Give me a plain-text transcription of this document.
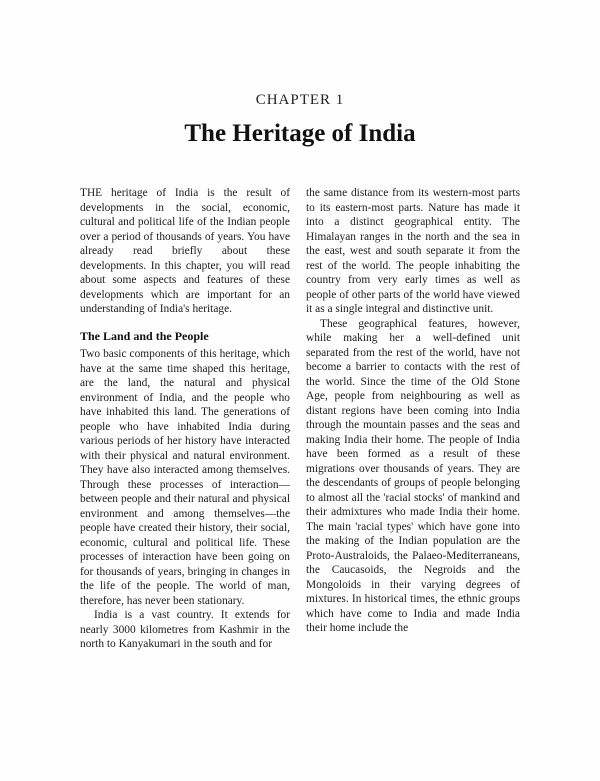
CHAPTER 1
The Heritage of India

THE heritage of India is the result of developments in the social, economic, cultural and political life of the Indian people over a period of thousands of years. You have already read briefly about these developments. In this chapter, you will read about some aspects and features of these developments which are important for an understanding of India's heritage.

The Land and the People

Two basic components of this heritage, which have at the same time shaped this heritage, are the land, the natural and physical environment of India, and the people who have inhabited this land. The generations of people who have inhabited India during various periods of her history have interacted with their physical and natural environment. They have also interacted among themselves. Through these processes of interaction—between people and their natural and physical environment and among themselves—the people have created their history, their social, economic, cultural and political life. These processes of interaction have been going on for thousands of years, bringing in changes in the life of the people. The world of man, therefore, has never been stationary.

India is a vast country. It extends for nearly 3000 kilometres from Kashmir in the north to Kanyakumari in the south and for

the same distance from its western-most parts to its eastern-most parts. Nature has made it into a distinct geographical entity. The Himalayan ranges in the north and the sea in the east, west and south separate it from the rest of the world. The people inhabiting the country from very early times as well as people of other parts of the world have viewed it as a single integral and distinctive unit.

These geographical features, however, while making her a well-defined unit separated from the rest of the world, have not become a barrier to contacts with the rest of the world. Since the time of the Old Stone Age, people from neighbouring as well as distant regions have been coming into India through the mountain passes and the seas and making India their home. The people of India have been formed as a result of these migrations over thousands of years. They are the descendants of groups of people belonging to almost all the 'racial stocks' of mankind and their admixtures who made India their home. The main 'racial types' which have gone into the making of the Indian population are the Proto-Australoids, the Palaeo-Mediterraneans, the Caucasoids, the Negroids and the Mongoloids in their varying degrees of mixtures. In historical times, the ethnic groups which have come to India and made India their home include the
